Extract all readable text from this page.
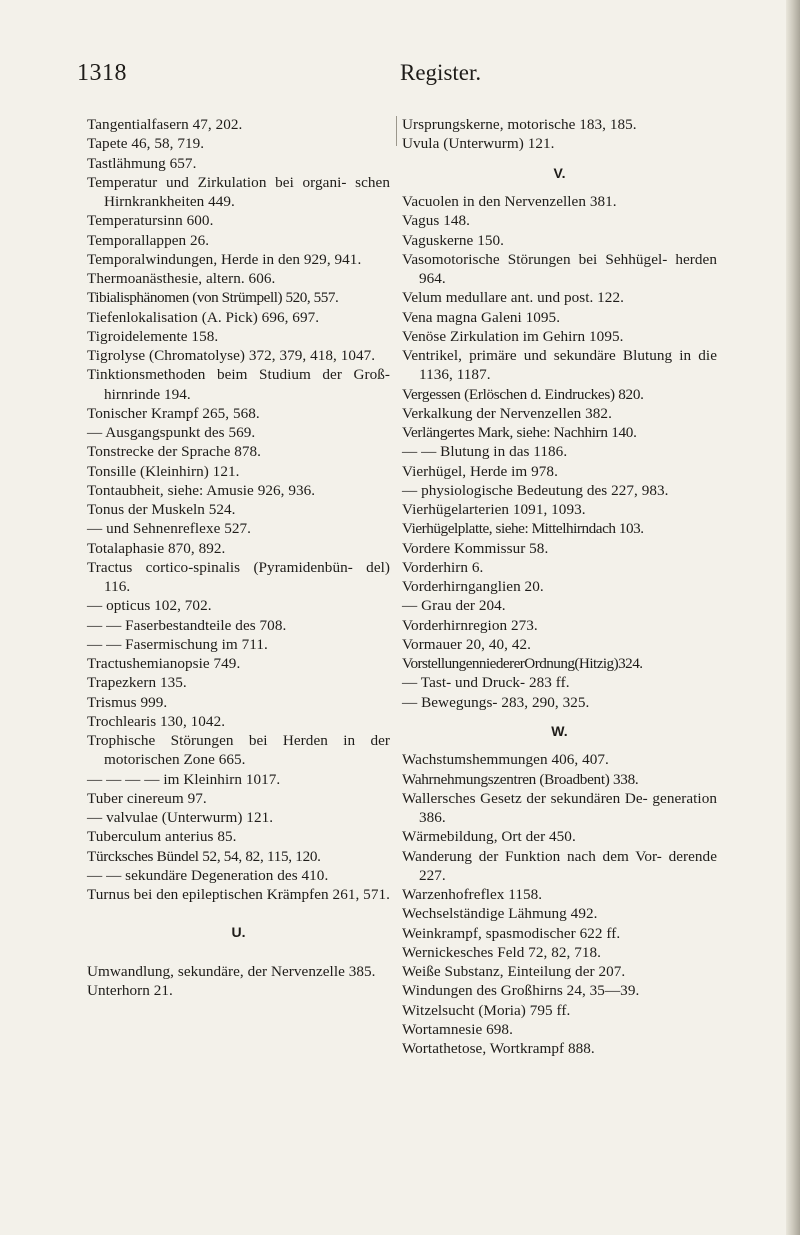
1318	Register.
Tangentialfasern 47, 202.
Tapete 46, 58, 719.
Tastlähmung 657.
Temperatur und Zirkulation bei organi- schen Hirnkrankheiten 449.
Temperatursinn 600.
Temporallappen 26.
Temporalwindungen, Herde in den 929, 941.
Thermoanästhesie, altern. 606.
Tibialisphänomen (von Strümpell) 520, 557.
Tiefenlokalisation (A. Pick) 696, 697.
Tigroidelemente 158.
Tigrolyse (Chromatolyse) 372, 379, 418, 1047.
Tinktionsmethoden beim Studium der Groß- hirnrinde 194.
Tonischer Krampf 265, 568.
— Ausgangspunkt des 569.
Tonstrecke der Sprache 878.
Tonsille (Kleinhirn) 121.
Tontaubheit, siehe: Amusie 926, 936.
Tonus der Muskeln 524.
— und Sehnenreflexe 527.
Totalaphasie 870, 892.
Tractus cortico-spinalis (Pyramidenbün- del) 116.
— opticus 102, 702.
— — Faserbestandteile des 708.
— — Fasermischung im 711.
Tractushemianopsie 749.
Trapezkern 135.
Trismus 999.
Trochlearis 130, 1042.
Trophische Störungen bei Herden in der motorischen Zone 665.
— — — — im Kleinhirn 1017.
Tuber cinereum 97.
— valvulae (Unterwurm) 121.
Tuberculum anterius 85.
Türcksches Bündel 52, 54, 82, 115, 120.
— — sekundäre Degeneration des 410.
Turnus bei den epileptischen Krämpfen 261, 571.
U.
Umwandlung, sekundäre, der Nervenzelle 385.
Unterhorn 21.
Ursprungskerne, motorische 183, 185.
Uvula (Unterwurm) 121.
V.
Vacuolen in den Nervenzellen 381.
Vagus 148.
Vaguskerne 150.
Vasomotorische Störungen bei Sehhügel- herden 964.
Velum medullare ant. und post. 122.
Vena magna Galeni 1095.
Venöse Zirkulation im Gehirn 1095.
Ventrikel, primäre und sekundäre Blutung in die 1136, 1187.
Vergessen (Erlöschen d. Eindruckes) 820.
Verkalkung der Nervenzellen 382.
Verlängertes Mark, siehe: Nachhirn 140.
— — Blutung in das 1186.
Vierhügel, Herde im 978.
— physiologische Bedeutung des 227, 983.
Vierhügelarterien 1091, 1093.
Vierhügelplatte, siehe: Mittelhirndach 103.
Vordere Kommissur 58.
Vorderhirn 6.
Vorderhirnganglien 20.
— Grau der 204.
Vorderhirnregion 273.
Vormauer 20, 40, 42.
VorstellungenniedererOrdnung(Hitzig)324.
— Tast- und Druck- 283 ff.
— Bewegungs- 283, 290, 325.
W.
Wachstumshemmungen 406, 407.
Wahrnehmungszentren (Broadbent) 338.
Wallersches Gesetz der sekundären De- generation 386.
Wärmebildung, Ort der 450.
Wanderung der Funktion nach dem Vor- derende 227.
Warzenhofreflex 1158.
Wechselständige Lähmung 492.
Weinkrampf, spasmodischer 622 ff.
Wernickesches Feld 72, 82, 718.
Weiße Substanz, Einteilung der 207.
Windungen des Großhirns 24, 35—39.
Witzelsucht (Moria) 795 ff.
Wortamnesie 698.
Wortathetose, Wortkrampf 888.
